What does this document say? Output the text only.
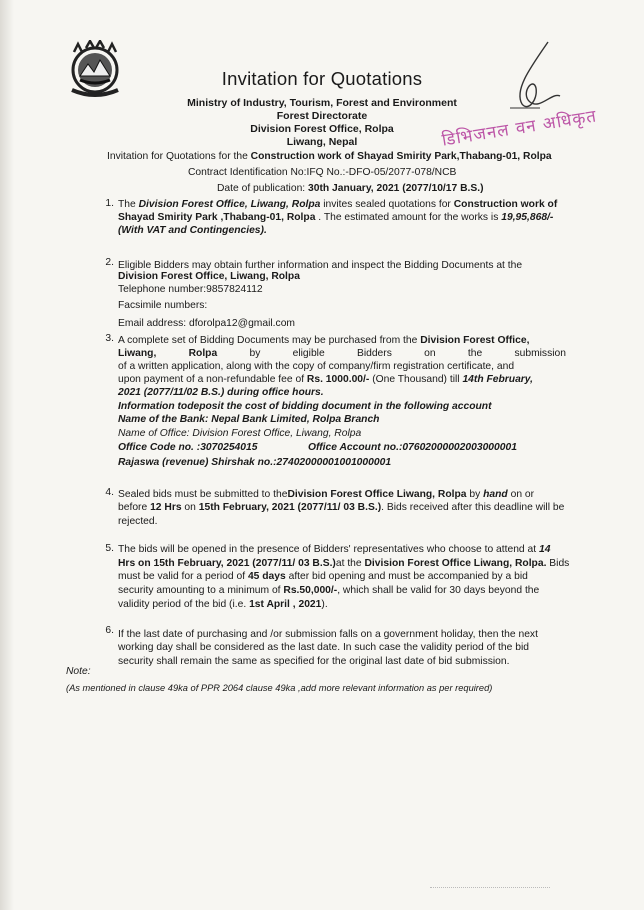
Invitation for Quotations
Ministry of Industry, Tourism, Forest and Environment
Forest Directorate
Division Forest Office, Rolpa
Liwang, Nepal	डिभिजनल वन अधिकृत
Invitation for Quotations for the Construction work of Shayad Smirity Park,Thabang-01, Rolpa
Contract Identification No:IFQ No.:-DFO-05/2077-078/NCB
Date of publication: 30th January, 2021 (2077/10/17 B.S.)
1. The Division Forest Office, Liwang, Rolpa invites sealed quotations for Construction work of
Shayad Smirity Park ,Thabang-01, Rolpa . The estimated amount for the works is 19,95,868/-
(With VAT and Contingencies).
2. Eligible Bidders may obtain further information and inspect the Bidding Documents at the
Division Forest Office, Liwang, Rolpa
Telephone number:9857824112
Facsimile numbers:
Email address: dforolpa12@gmail.com
3. A complete set of Bidding Documents may be purchased from the Division Forest Office,
Liwang,	Rolpa	by	eligible	Bidders	on	the	submission
of a written application, along with the copy of company/firm registration certificate, and
upon payment of a non-refundable fee of Rs. 1000.00/- (One Thousand) till 14th February,
2021 (2077/11/02 B.S.) during office hours.
Information todeposit the cost of bidding document in the following account
Name of the Bank: Nepal Bank Limited, Rolpa Branch
Name of Office: Division Forest Office, Liwang, Rolpa
Office Code no. :3070254015	Office Account no.:07602000002003000001
Rajaswa (revenue) Shirshak no.:27402000001001000001
4. Sealed bids must be submitted to theDivision Forest Office Liwang, Rolpa by hand on or
before 12 Hrs on 15th February, 2021 (2077/11/ 03 B.S.). Bids received after this deadline will be
rejected.
5. The bids will be opened in the presence of Bidders' representatives who choose to attend at 14
Hrs on 15th February, 2021 (2077/11/ 03 B.S.)at the Division Forest Office Liwang, Rolpa. Bids
must be valid for a period of 45 days after bid opening and must be accompanied by a bid
security amounting to a minimum of Rs.50,000/-, which shall be valid for 30 days beyond the
validity period of the bid (i.e. 1st April , 2021).
6. If the last date of purchasing and /or submission falls on a government holiday, then the next
working day shall be considered as the last date. In such case the validity period of the bid
security shall remain the same as specified for the original last date of bid submission.
Note:
(As mentioned in clause 49ka of PPR 2064 clause 49ka ,add more relevant information as per required)
